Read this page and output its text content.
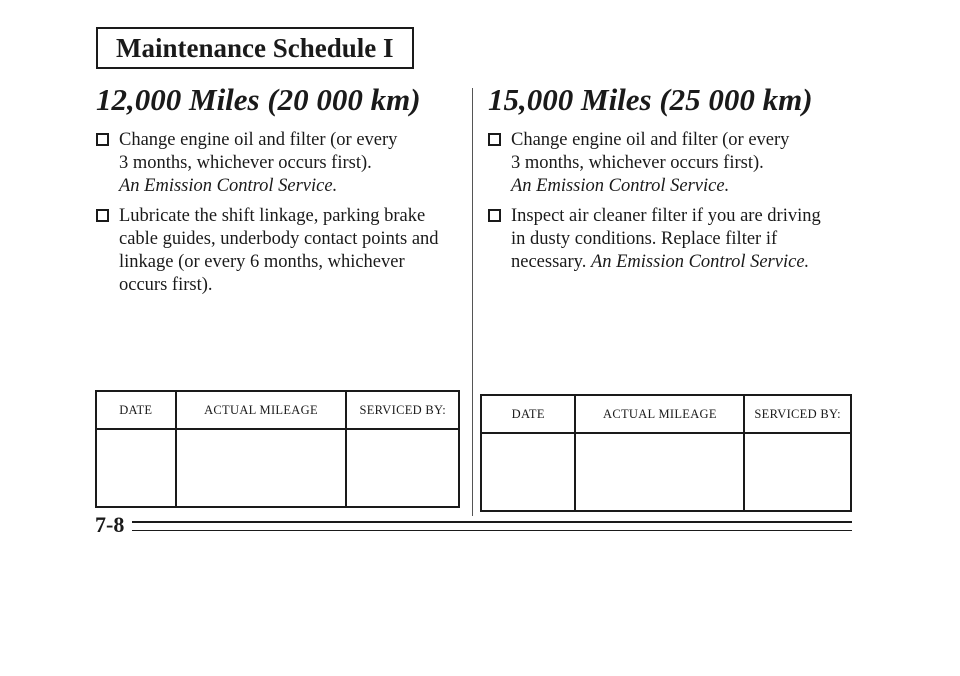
Maintenance Schedule I
12,000 Miles (20 000 km)
Change engine oil and filter (or every
3 months, whichever occurs first).
An Emission Control Service.
Lubricate the shift linkage, parking brake
cable guides, underbody contact points and
linkage (or every 6 months, whichever
occurs first).
15,000 Miles (25 000 km)
Change engine oil and filter (or every
3 months, whichever occurs first).
An Emission Control Service.
Inspect air cleaner filter if you are driving
in dusty conditions. Replace filter if
necessary. An Emission Control Service.
DATE	ACTUAL MILEAGE	SERVICED BY:
			DATE	ACTUAL MILEAGE	SERVICED BY:

7-8
